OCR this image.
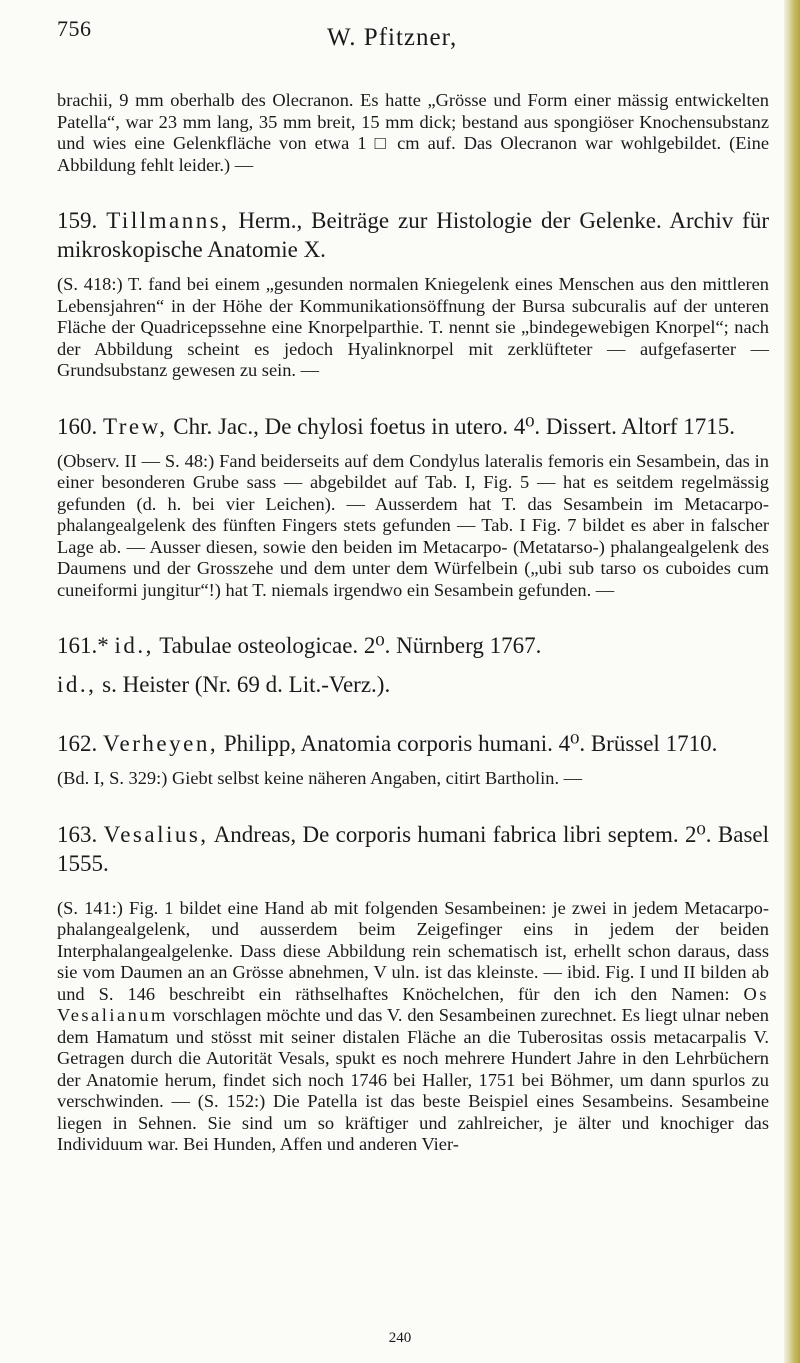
756	W. Pfitzner,

brachii, 9 mm oberhalb des Olecranon. Es hatte „Grösse und Form einer mässig entwickelten Patella“, war 23 mm lang, 35 mm breit, 15 mm dick; bestand aus spongiöser Knochensubstanz und wies eine Gelenkfläche von etwa 1 □ cm auf. Das Olecranon war wohlgebildet. (Eine Abbildung fehlt leider.) —

159. Tillmanns, Herm., Beiträge zur Histologie der Gelenke. Archiv für mikroskopische Anatomie X.

(S. 418:) T. fand bei einem „gesunden normalen Kniegelenk eines Menschen aus den mittleren Lebensjahren“ in der Höhe der Kommunikationsöffnung der Bursa subcuralis auf der unteren Fläche der Quadricepssehne eine Knorpelparthie. T. nennt sie „bindegewebigen Knorpel“; nach der Abbildung scheint es jedoch Hyalinknorpel mit zerklüfteter — aufgefaserter — Grundsubstanz gewesen zu sein. —

160. Trew, Chr. Jac., De chylosi foetus in utero. 4⁰. Dissert. Altorf 1715.

(Observ. II — S. 48:) Fand beiderseits auf dem Condylus lateralis femoris ein Sesambein, das in einer besonderen Grube sass — abgebildet auf Tab. I, Fig. 5 — hat es seitdem regelmässig gefunden (d. h. bei vier Leichen). — Ausserdem hat T. das Sesambein im Metacarpo-phalangealgelenk des fünften Fingers stets gefunden — Tab. I Fig. 7 bildet es aber in falscher Lage ab. — Ausser diesen, sowie den beiden im Metacarpo- (Metatarso-) phalangealgelenk des Daumens und der Grosszehe und dem unter dem Würfelbein („ubi sub tarso os cuboides cum cuneiformi jungitur“!) hat T. niemals irgendwo ein Sesambein gefunden. —

161.* id., Tabulae osteologicae. 2⁰. Nürnberg 1767.

id., s. Heister (Nr. 69 d. Lit.-Verz.).

162. Verheyen, Philipp, Anatomia corporis humani. 4⁰. Brüssel 1710.

(Bd. I, S. 329:) Giebt selbst keine näheren Angaben, citirt Bartholin. —

163. Vesalius, Andreas, De corporis humani fabrica libri septem. 2⁰. Basel 1555.

(S. 141:) Fig. 1 bildet eine Hand ab mit folgenden Sesambeinen: je zwei in jedem Metacarpo-phalangealgelenk, und ausserdem beim Zeigefinger eins in jedem der beiden Interphalangealgelenke. Dass diese Abbildung rein schematisch ist, erhellt schon daraus, dass sie vom Daumen an an Grösse abnehmen, V uln. ist das kleinste. — ibid. Fig. I und II bilden ab und S. 146 beschreibt ein räthselhaftes Knöchelchen, für den ich den Namen: Os Vesalianum vorschlagen möchte und das V. den Sesambeinen zurechnet. Es liegt ulnar neben dem Hamatum und stösst mit seiner distalen Fläche an die Tuberositas ossis metacarpalis V. Getragen durch die Autorität Vesals, spukt es noch mehrere Hundert Jahre in den Lehrbüchern der Anatomie herum, findet sich noch 1746 bei Haller, 1751 bei Böhmer, um dann spurlos zu verschwinden. — (S. 152:) Die Patella ist das beste Beispiel eines Sesambeins. Sesambeine liegen in Sehnen. Sie sind um so kräftiger und zahlreicher, je älter und knochiger das Individuum war. Bei Hunden, Affen und anderen Vier-

240
